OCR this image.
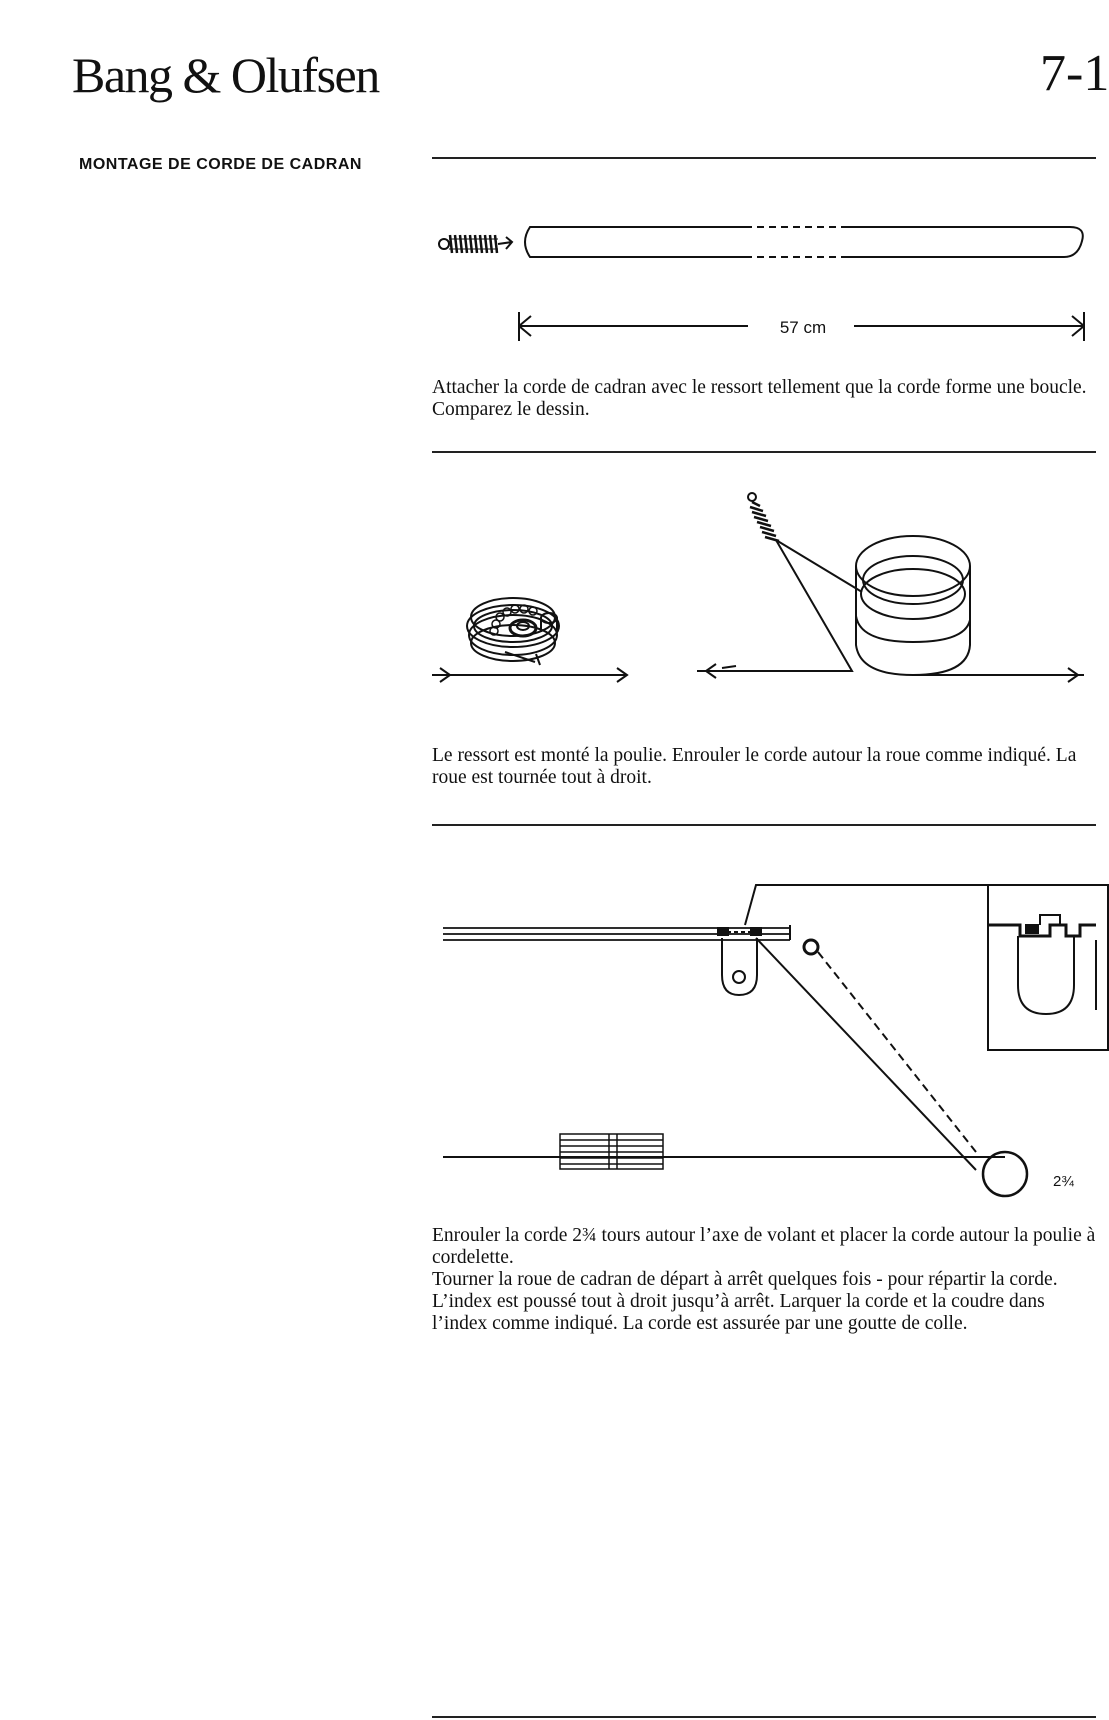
Bang & Olufsen	7-1
MONTAGE DE CORDE DE CADRAN
57 cm
Attacher la corde de cadran avec le ressort tellement que la corde forme une boucle. Comparez le dessin.
Le ressort est monté la poulie. Enrouler le corde autour la roue comme indiqué. La roue est tournée tout à droit.
2¾

Enrouler la corde 2¾ tours autour l’axe de volant et placer la corde autour la poulie à cordelette.

Tourner la roue de cadran de départ à arrêt quelques fois - pour répartir la corde. L’index est poussé tout à droit jusqu’à arrêt. Larquer la corde et la coudre dans l’index comme indiqué. La corde est assurée par une goutte de colle.
